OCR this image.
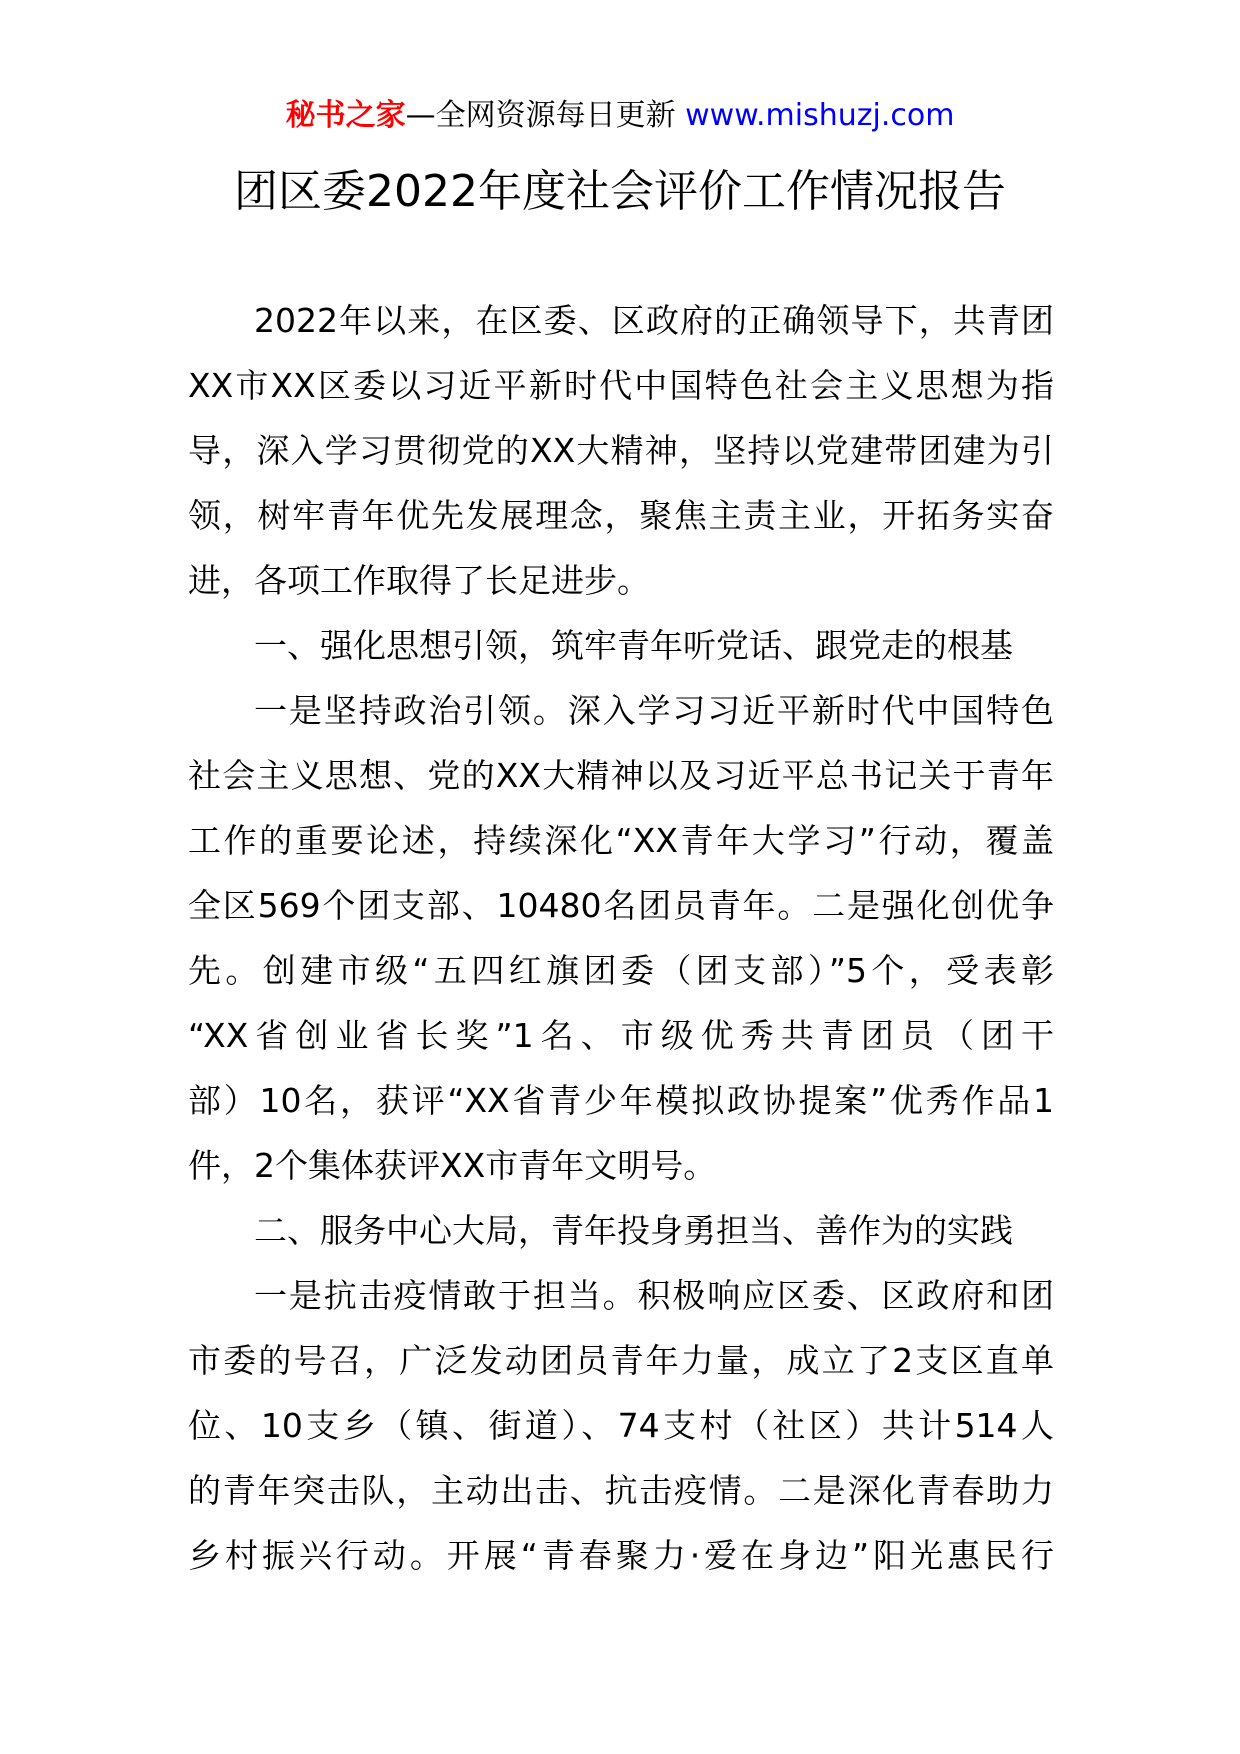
秘书之家—全网资源每日更新 www.mishuzj.com
团区委2022年度社会评价工作情况报告
2022年以来，在区委、区政府的正确领导下，共青团
XX市XX区委以习近平新时代中国特色社会主义思想为指
导，深入学习贯彻党的XX大精神，坚持以党建带团建为引
领，树牢青年优先发展理念，聚焦主责主业，开拓务实奋
进，各项工作取得了长足进步。
一、强化思想引领，筑牢青年听党话、跟党走的根基
一是坚持政治引领。深入学习习近平新时代中国特色
社会主义思想、党的XX大精神以及习近平总书记关于青年
工作的重要论述，持续深化“XX青年大学习”行动，覆盖
全区569个团支部、10480名团员青年。二是强化创优争
先。创建市级“五四红旗团委（团支部）”5个，受表彰
“XX省创业省长奖”1名、市级优秀共青团员（团干
部）10名，获评“XX省青少年模拟政协提案”优秀作品1
件，2个集体获评XX市青年文明号。
二、服务中心大局，青年投身勇担当、善作为的实践
一是抗击疫情敢于担当。积极响应区委、区政府和团
市委的号召，广泛发动团员青年力量，成立了2支区直单
位、10支乡（镇、街道）、74支村（社区）共计514人
的青年突击队，主动出击、抗击疫情。二是深化青春助力
乡村振兴行动。开展“青春聚力·爱在身边”阳光惠民行
